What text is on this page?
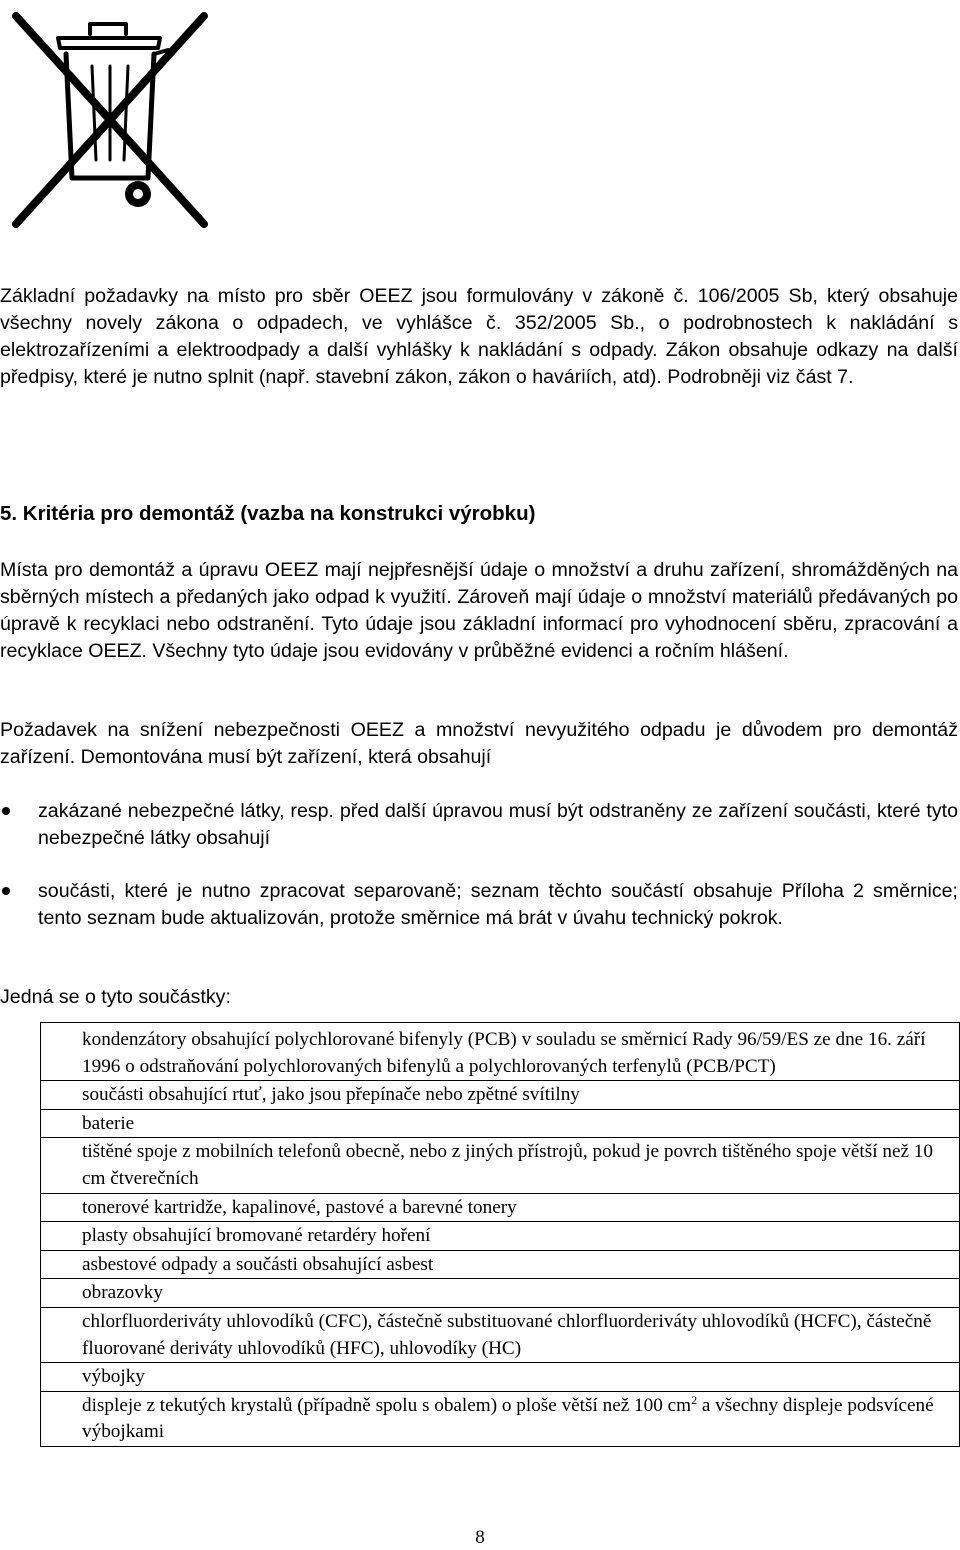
Základní požadavky na místo pro sběr OEEZ jsou formulovány v zákoně č. 106/2005 Sb, který obsahuje všechny novely zákona o odpadech, ve vyhlášce č. 352/2005 Sb., o podrobnostech k nakládání s elektrozařízeními a elektroodpady a další vyhlášky k nakládání s odpady. Zákon obsahuje odkazy na další předpisy, které je nutno splnit (např. stavební zákon, zákon o haváriích, atd). Podrobněji viz část 7.

5. Kritéria pro demontáž (vazba na konstrukci výrobku)

Místa pro demontáž a úpravu OEEZ mají nejpřesnější údaje o množství a druhu zařízení, shromážděných na sběrných místech a předaných jako odpad k využití. Zároveň mají údaje o množství materiálů předávaných po úpravě k recyklaci nebo odstranění. Tyto údaje jsou základní informací pro vyhodnocení sběru, zpracování a recyklace OEEZ. Všechny tyto údaje jsou evidovány v průběžné evidenci a ročním hlášení.

Požadavek na snížení nebezpečnosti OEEZ a množství nevyužitého odpadu je důvodem pro demontáž zařízení. Demontována musí být zařízení, která obsahují

zakázané nebezpečné látky, resp. před další úpravou musí být odstraněny ze zařízení součásti, které tyto nebezpečné látky obsahují
součásti, které je nutno zpracovat separovaně; seznam těchto součástí obsahuje Příloha 2 směrnice; tento seznam bude aktualizován, protože směrnice má brát v úvahu technický pokrok.

Jedná se o tyto součástky:

kondenzátory obsahující polychlorované bifenyly (PCB) v souladu se směrnicí Rady 96/59/ES ze dne 16. září 1996 o odstraňování polychlorovaných bifenylů a polychlorovaných terfenylů (PCB/PCT)
součásti obsahující rtuť, jako jsou přepínače nebo zpětné svítilny
baterie
tištěné spoje z mobilních telefonů obecně, nebo z jiných přístrojů, pokud je povrch tištěného spoje větší než 10 cm čtverečních
tonerové kartridže, kapalinové, pastové a barevné tonery
plasty obsahující bromované retardéry hoření
asbestové odpady a součásti obsahující asbest
obrazovky
chlorfluorderiváty uhlovodíků (CFC), částečně substituované chlorfluorderiváty uhlovodíků (HCFC), částečně fluorované deriváty uhlovodíků (HFC), uhlovodíky (HC)
výbojky
displeje z tekutých krystalů (případně spolu s obalem) o ploše větší než 100 $cm^2$ a všechny displeje podsvícené výbojkami

8
